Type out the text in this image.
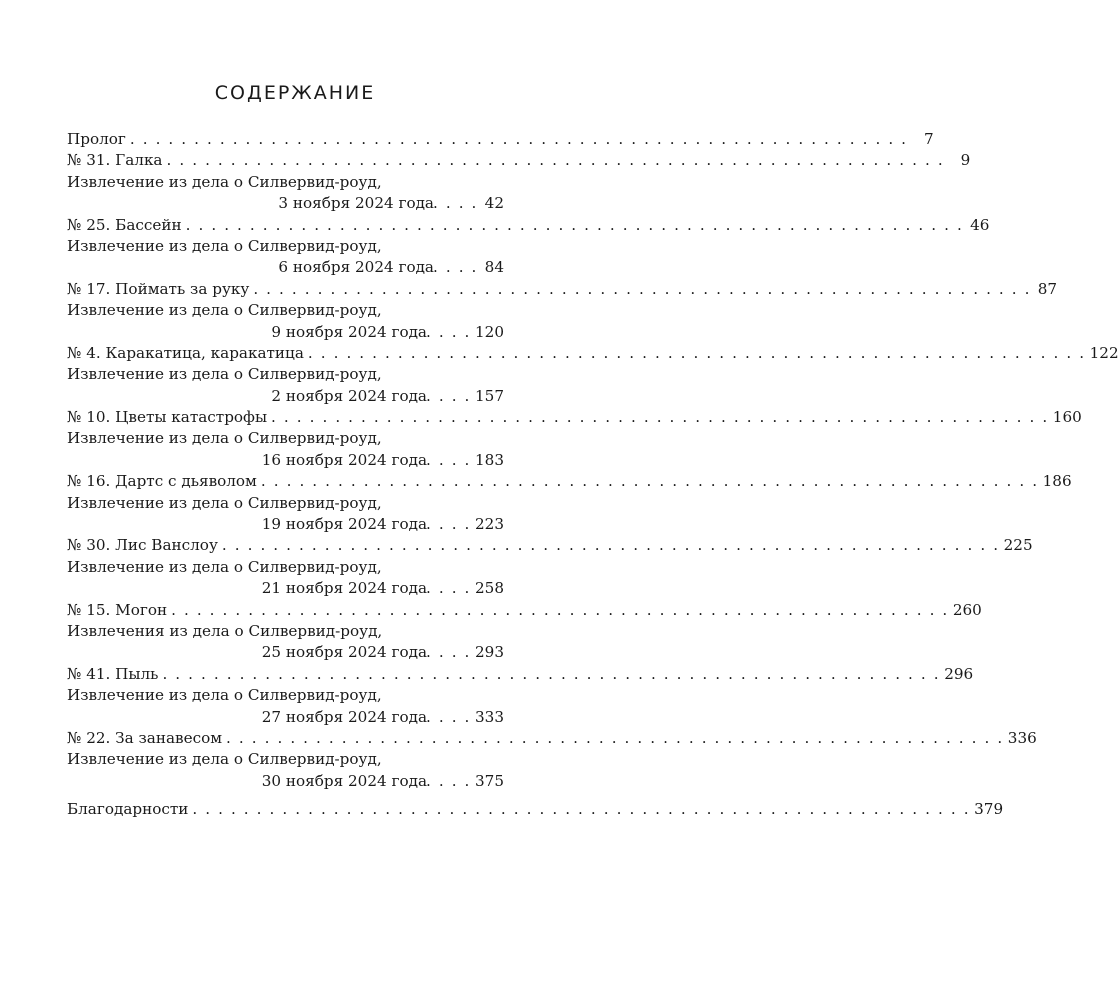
СОДЕРЖАНИЕ
Пролог . . . . . . . . . . . . . . . . . . . . . . . . . . . . . . . . . . . . . . . . . . . . . . . . . . . . . . . . . . . . .	7
№ 31. Галка . . . . . . . . . . . . . . . . . . . . . . . . . . . . . . . . . . . . . . . . . . . . . . . . . . . . . . . . . . . . .	9
Извлечение из дела о Силвервид-роуд,
3 ноября 2024 года
. . . . . 42
№ 25. Бассейн . . . . . . . . . . . . . . . . . . . . . . . . . . . . . . . . . . . . . . . . . . . . . . . . . . . . . . . . . . . . . 46
Извлечение из дела о Силвервид-роуд,
6 ноября 2024 года
. . . . . 84
№ 17. Поймать за руку . . . . . . . . . . . . . . . . . . . . . . . . . . . . . . . . . . . . . . . . . . . . . . . . . . . . . . . . . . . . . 87
Извлечение из дела о Силвервид-роуд,
9 ноября 2024 года
. . . . . 120
№ 4. Каракатица, каракатица . . . . . . . . . . . . . . . . . . . . . . . . . . . . . . . . . . . . . . . . . . . . . . . . . . . . . . . . . . . . . 122
Извлечение из дела о Силвервид-роуд,
2 ноября 2024 года
. . . . . 157
№ 10. Цветы катастрофы . . . . . . . . . . . . . . . . . . . . . . . . . . . . . . . . . . . . . . . . . . . . . . . . . . . . . . . . . . . . . 160
Извлечение из дела о Силвервид-роуд,
16 ноября 2024 года
. . . . . 183
№ 16. Дартс с дьяволом . . . . . . . . . . . . . . . . . . . . . . . . . . . . . . . . . . . . . . . . . . . . . . . . . . . . . . . . . . . . . 186
Извлечение из дела о Силвервид-роуд,
19 ноября 2024 года
. . . . . 223
№ 30. Лис Ванслоу . . . . . . . . . . . . . . . . . . . . . . . . . . . . . . . . . . . . . . . . . . . . . . . . . . . . . . . . . . . . . 225
Извлечение из дела о Силвервид-роуд,
21 ноября 2024 года
. . . . . 258
№ 15. Могон . . . . . . . . . . . . . . . . . . . . . . . . . . . . . . . . . . . . . . . . . . . . . . . . . . . . . . . . . . . . . 260
Извлечения из дела о Силвервид-роуд,
25 ноября 2024 года
. . . . . 293
№ 41. Пыль . . . . . . . . . . . . . . . . . . . . . . . . . . . . . . . . . . . . . . . . . . . . . . . . . . . . . . . . . . . . . 296
Извлечение из дела о Силвервид-роуд,
27 ноября 2024 года
. . . . . 333
№ 22. За занавесом . . . . . . . . . . . . . . . . . . . . . . . . . . . . . . . . . . . . . . . . . . . . . . . . . . . . . . . . . . . . . 336
Извлечение из дела о Силвервид-роуд,
30 ноября 2024 года
. . . . . 375
Благодарности . . . . . . . . . . . . . . . . . . . . . . . . . . . . . . . . . . . . . . . . . . . . . . . . . . . . . . . . . . . . . 379
